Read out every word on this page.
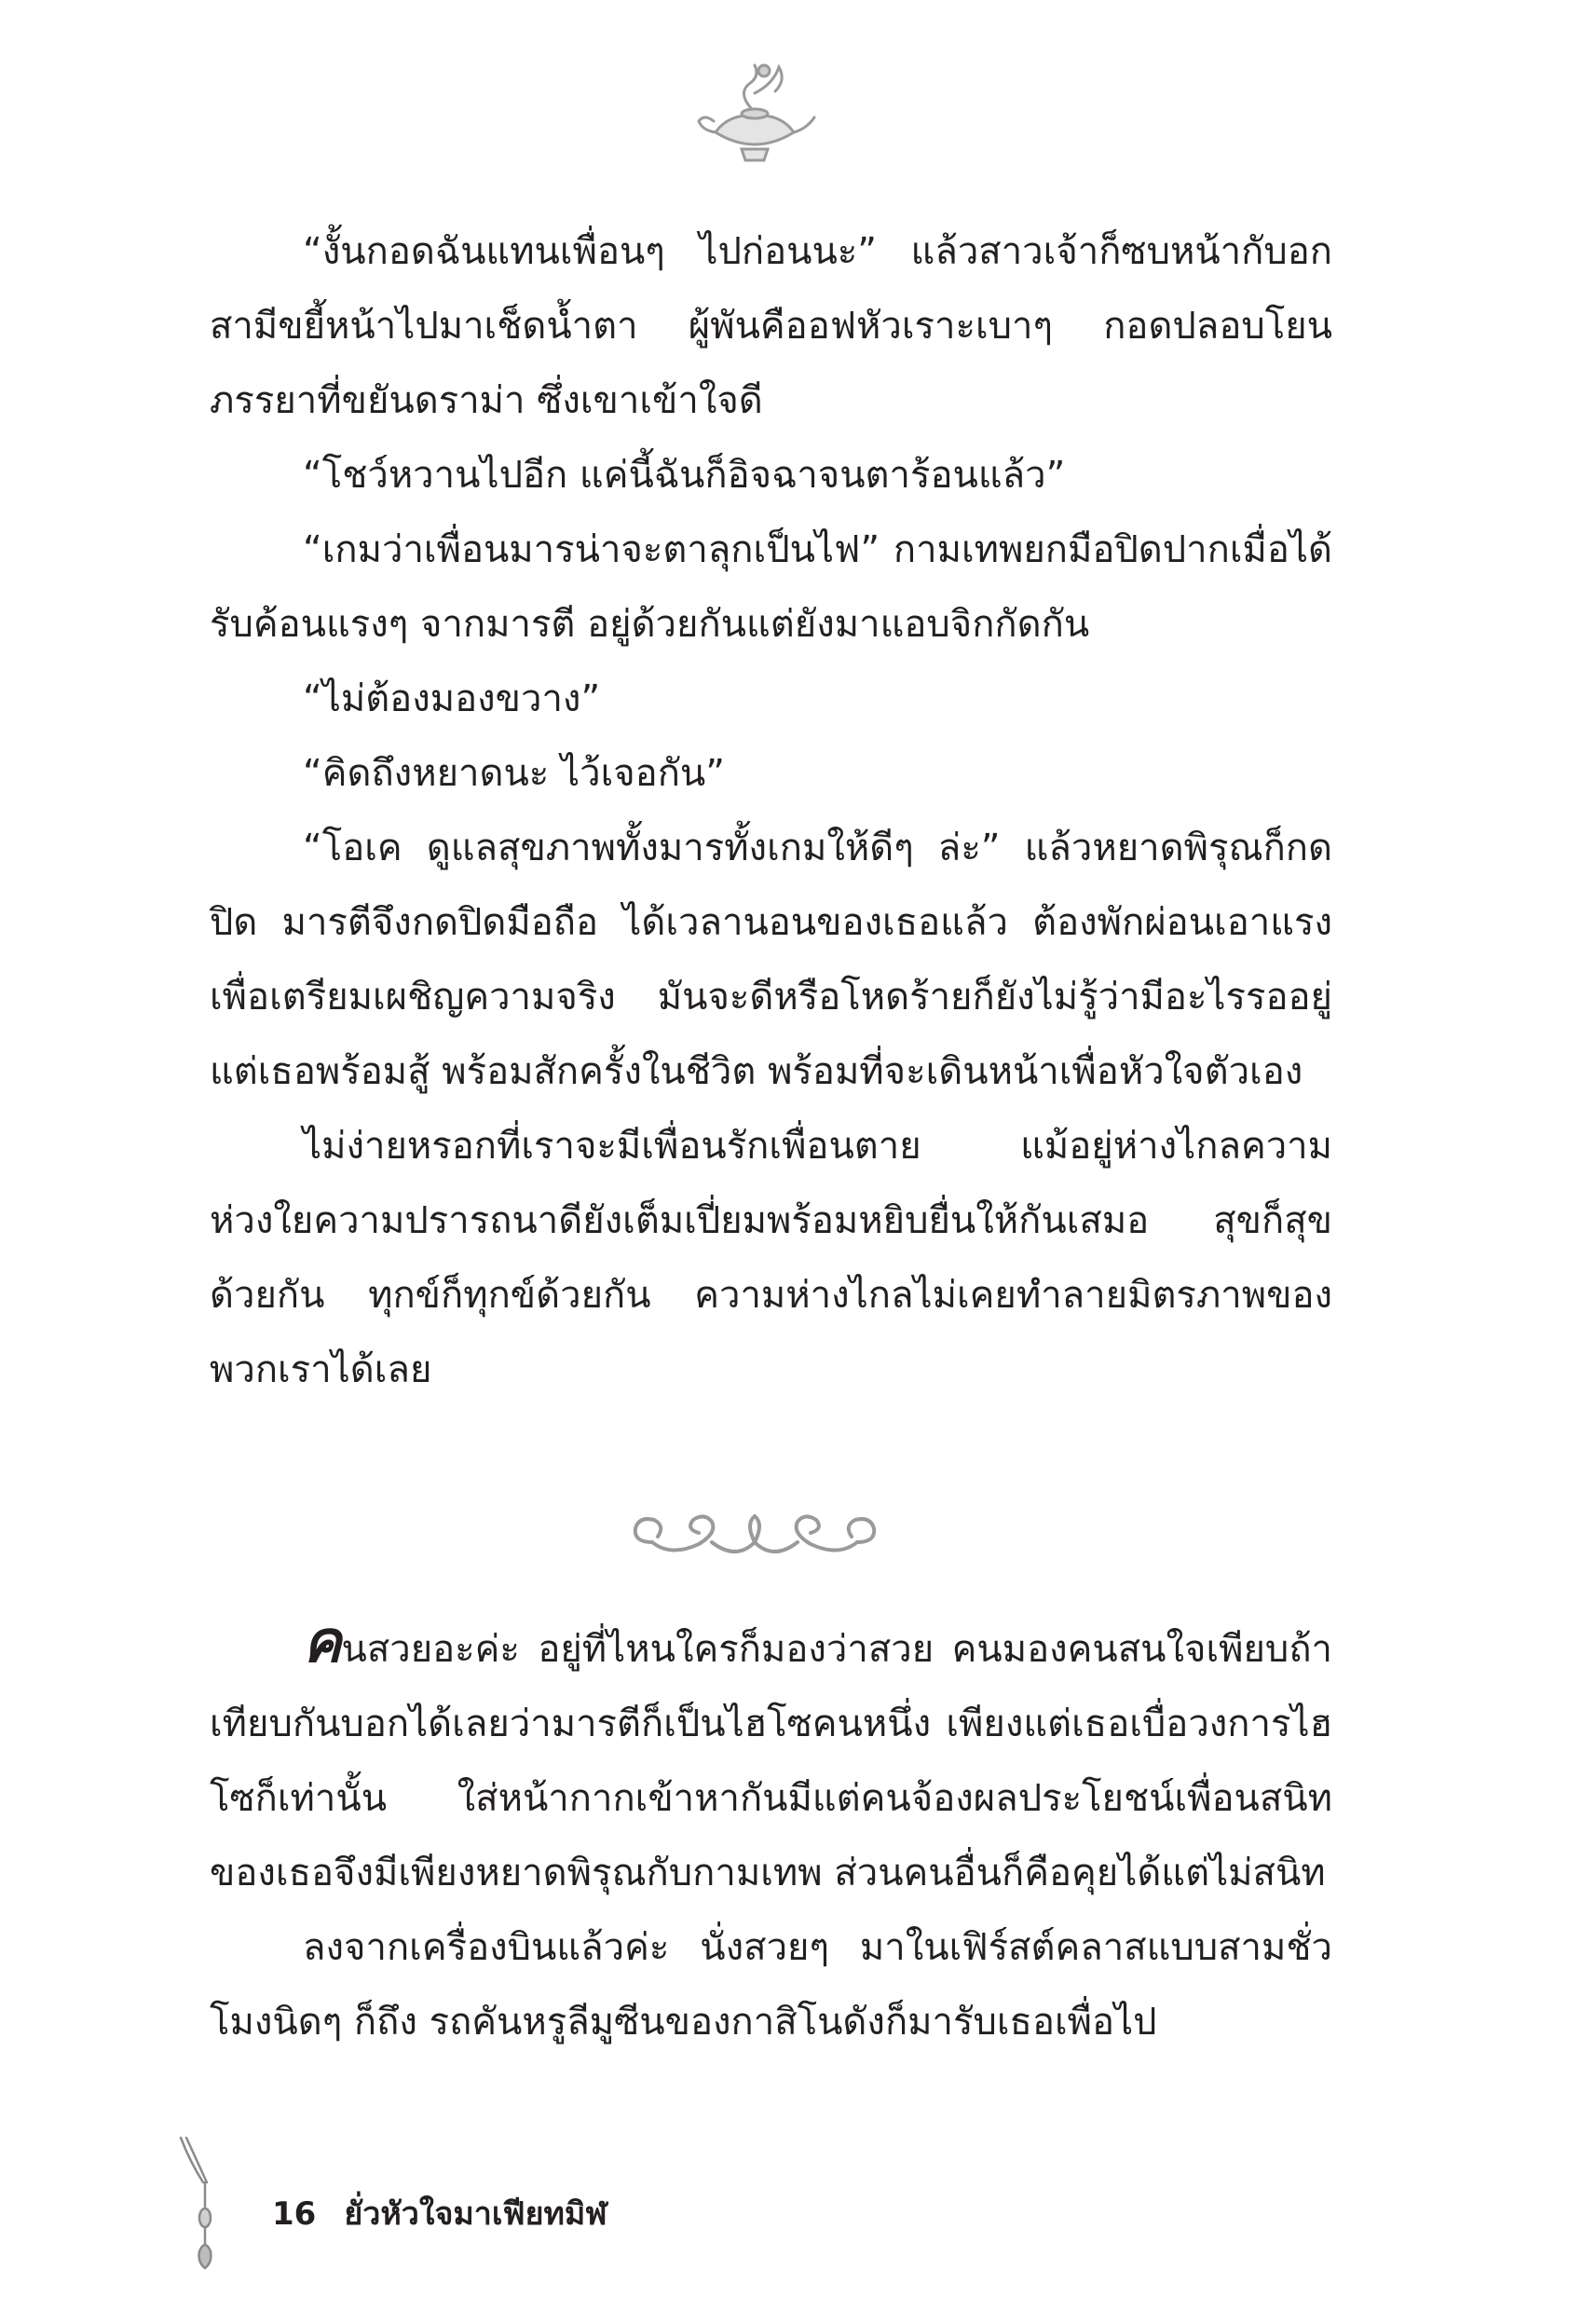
“งั้นกอดฉันแทนเพื่อนๆ ไปก่อนนะ” แล้วสาวเจ้าก็ซบหน้ากับอกสามีขยี้หน้าไปมาเช็ดน้ำตา ผู้พันคืออฟหัวเราะเบาๆ กอดปลอบโยนภรรยาที่ขยันดราม่า ซึ่งเขาเข้าใจดี

“โชว์หวานไปอีก แค่นี้ฉันก็อิจฉาจนตาร้อนแล้ว”

“เกมว่าเพื่อนมารน่าจะตาลุกเป็นไฟ” กามเทพยกมือปิดปากเมื่อได้รับค้อนแรงๆ จากมารตี อยู่ด้วยกันแต่ยังมาแอบจิกกัดกัน

“ไม่ต้องมองขวาง”

“คิดถึงหยาดนะ ไว้เจอกัน”

“โอเค ดูแลสุขภาพทั้งมารทั้งเกมให้ดีๆ ล่ะ” แล้วหยาดพิรุณก็กดปิด มารตีจึงกดปิดมือถือ ได้เวลานอนของเธอแล้ว ต้องพักผ่อนเอาแรงเพื่อเตรียมเผชิญความจริง มันจะดีหรือโหดร้ายก็ยังไม่รู้ว่ามีอะไรรออยู่ แต่เธอพร้อมสู้ พร้อมสักครั้งในชีวิต พร้อมที่จะเดินหน้าเพื่อหัวใจตัวเอง

ไม่ง่ายหรอกที่เราจะมีเพื่อนรักเพื่อนตาย แม้อยู่ห่างไกลความห่วงใยความปรารถนาดียังเต็มเปี่ยมพร้อมหยิบยื่นให้กันเสมอ สุขก็สุขด้วยกัน ทุกข์ก็ทุกข์ด้วยกัน ความห่างไกลไม่เคยทำลายมิตรภาพของพวกเราได้เลย

คนสวยอะค่ะ อยู่ที่ไหนใครก็มองว่าสวย คนมองคนสนใจเพียบถ้าเทียบกันบอกได้เลยว่ามารตีก็เป็นไฮโซคนหนึ่ง เพียงแต่เธอเบื่อวงการไฮโซก็เท่านั้น ใส่หน้ากากเข้าหากันมีแต่คนจ้องผลประโยชน์เพื่อนสนิทของเธอจึงมีเพียงหยาดพิรุณกับกามเทพ ส่วนคนอื่นก็คือคุยได้แต่ไม่สนิท

ลงจากเครื่องบินแล้วค่ะ นั่งสวยๆ มาในเฟิร์สต์คลาสแบบสามชั่วโมงนิดๆ ก็ถึง รถคันหรูลีมูซีนของกาสิโนดังก็มารับเธอเพื่อไป

16 ยั่วหัวใจมาเฟียทมิฬ
